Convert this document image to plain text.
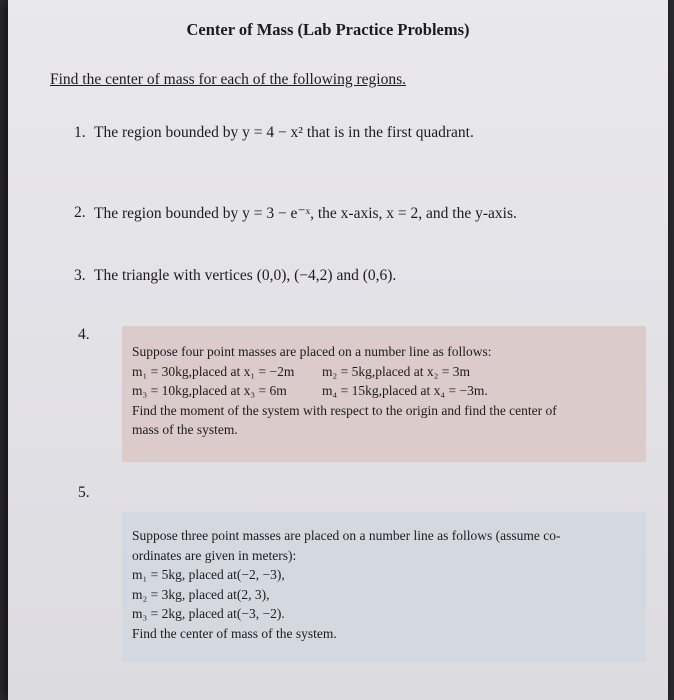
Center of Mass (Lab Practice Problems)
Find the center of mass for each of the following regions.
1. The region bounded by y = 4 − x² that is in the first quadrant.
2. The region bounded by y = 3 − e⁻ˣ, the x-axis, x = 2, and the y-axis.
3. The triangle with vertices (0,0), (−4,2) and (0,6).
4.
Suppose four point masses are placed on a number line as follows:
m₁ = 30kg,placed at x₁ = −2m m₂ = 5kg,placed at x₂ = 3m
m₃ = 10kg,placed at x₃ = 6m	m₄ = 15kg,placed at x₄ = −3m.
Find the moment of the system with respect to the origin and find the center of
mass of the system.
5.
Suppose three point masses are placed on a number line as follows (assume co-
ordinates are given in meters):
m₁ = 5kg, placed at(−2, −3),
m₂ = 3kg, placed at(2, 3),
m₃ = 2kg, placed at(−3, −2).
Find the center of mass of the system.
